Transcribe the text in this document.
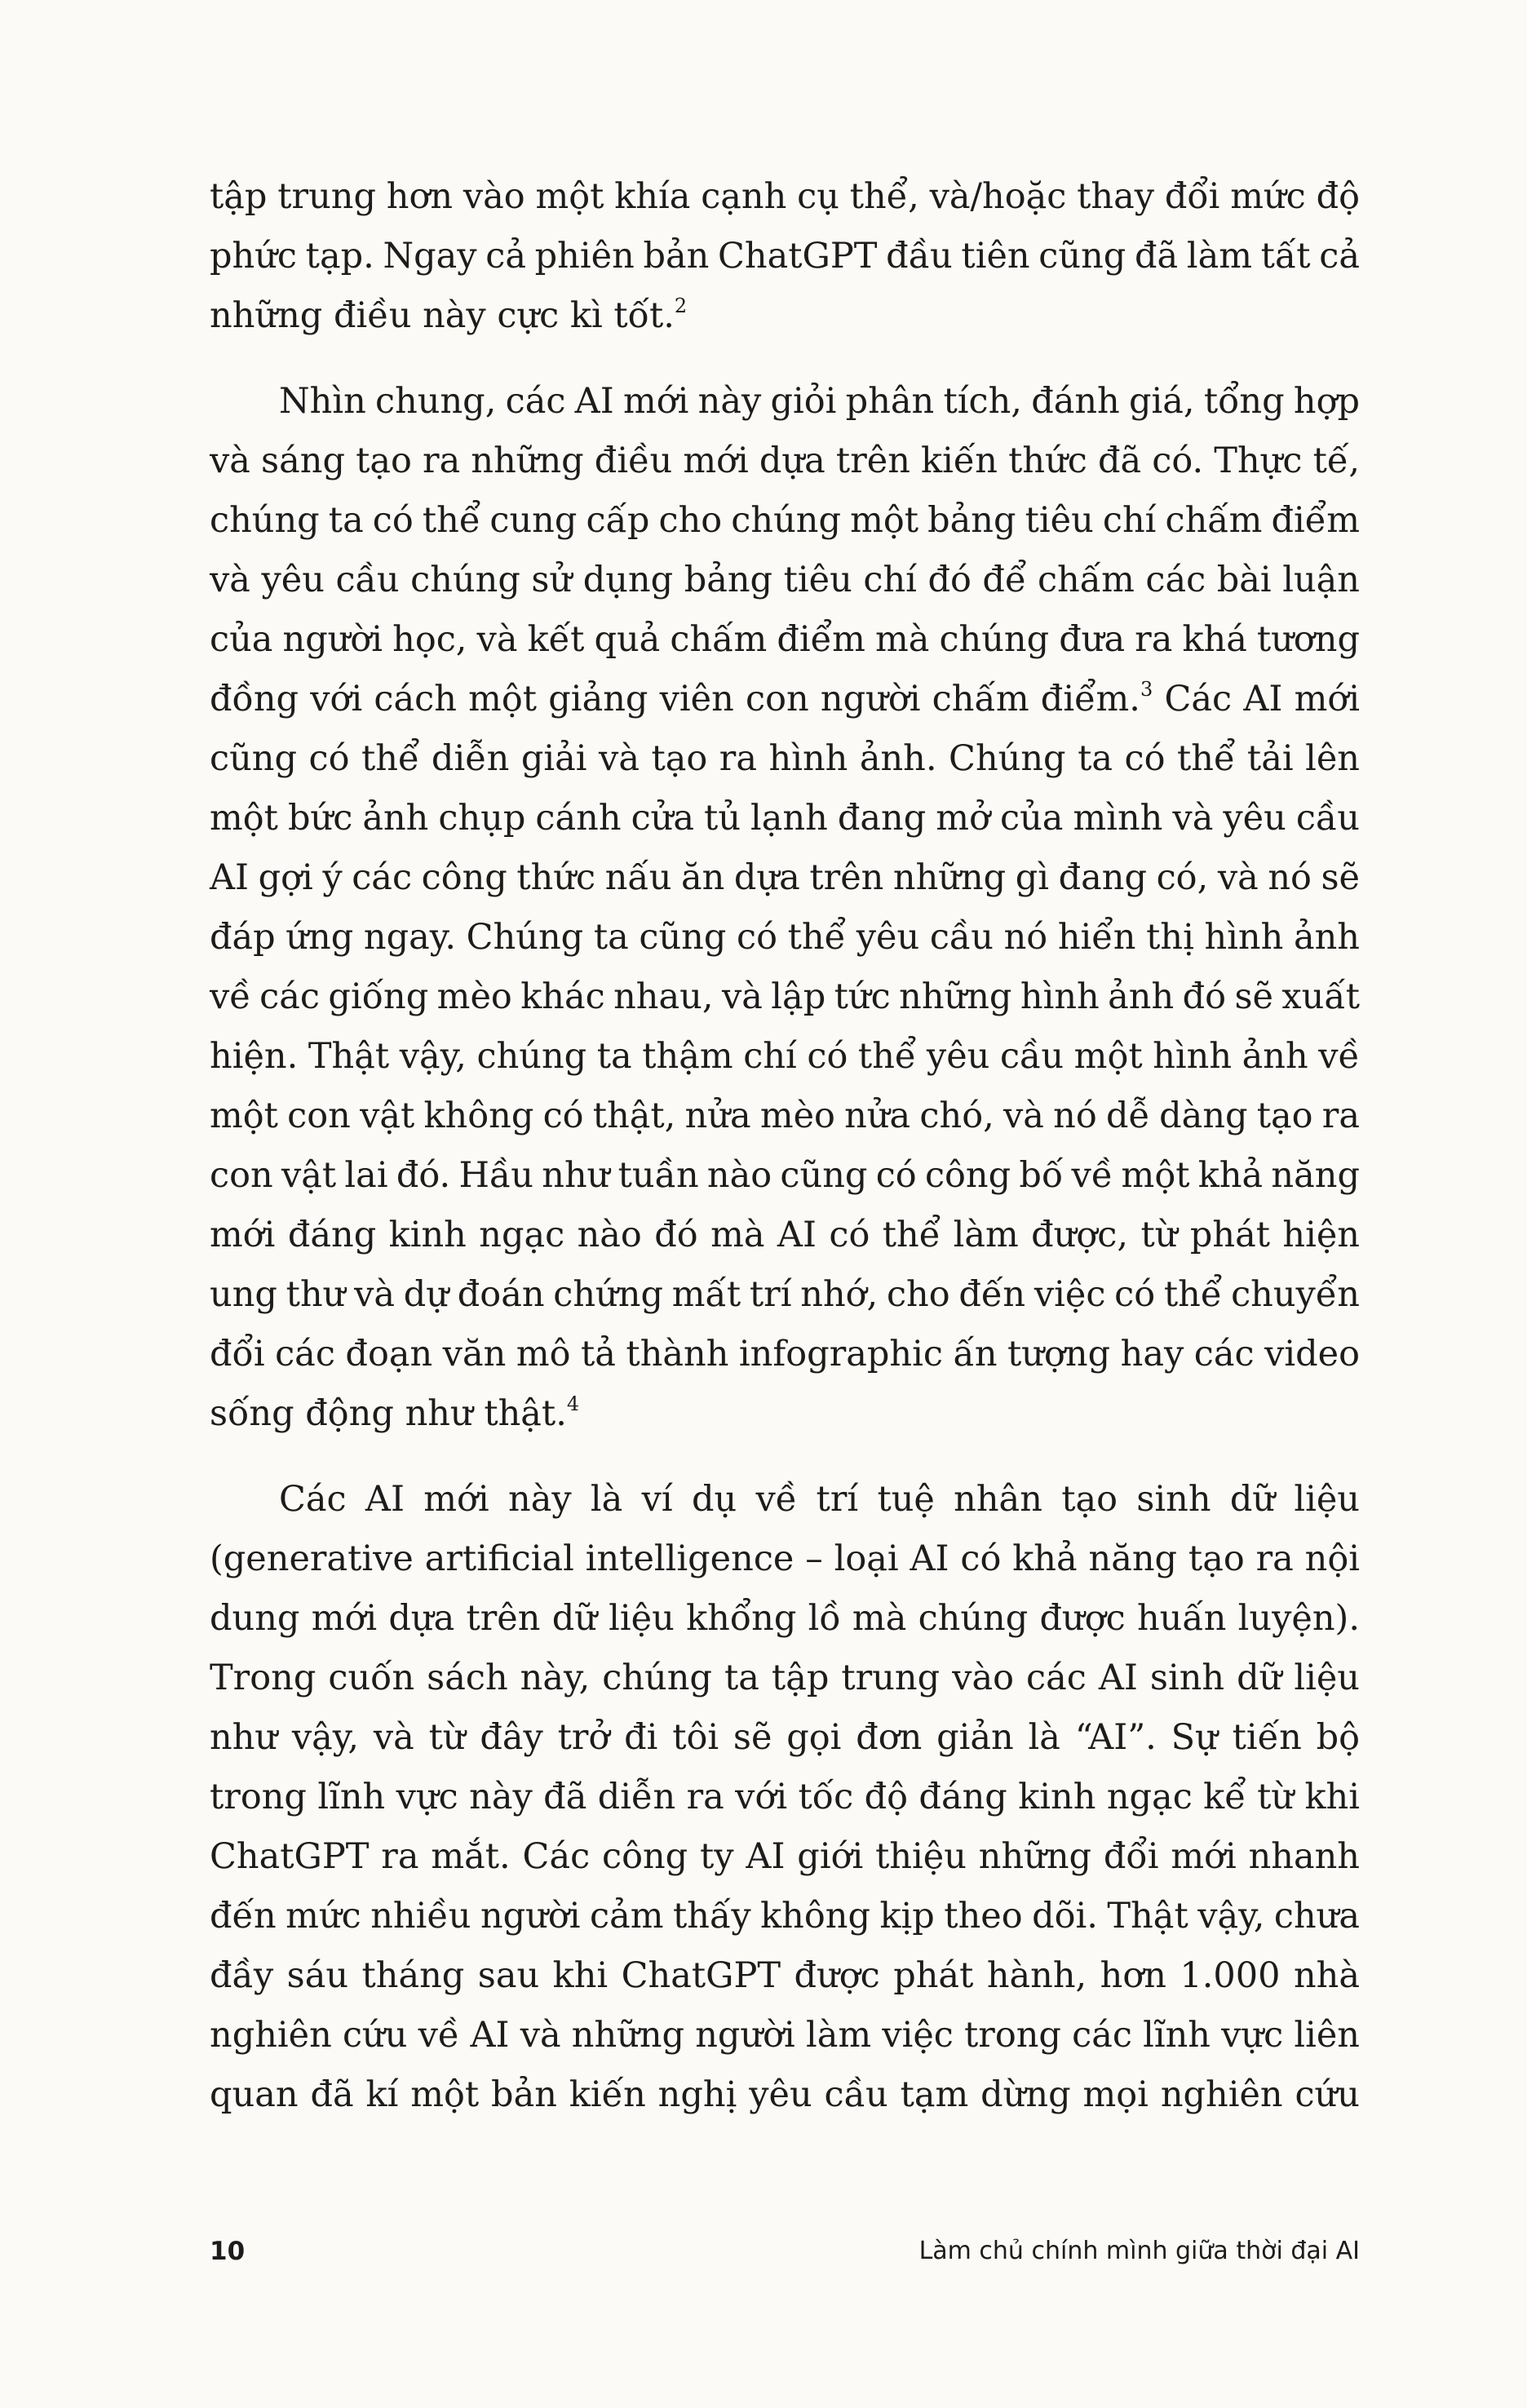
tập trung hơn vào một khía cạnh cụ thể, và/hoặc thay đổi mức độ
phức tạp. Ngay cả phiên bản ChatGPT đầu tiên cũng đã làm tất cả
những điều này cực kì tốt.$^2$
Nhìn chung, các AI mới này giỏi phân tích, đánh giá, tổng hợp
và sáng tạo ra những điều mới dựa trên kiến thức đã có. Thực tế,
chúng ta có thể cung cấp cho chúng một bảng tiêu chí chấm điểm
và yêu cầu chúng sử dụng bảng tiêu chí đó để chấm các bài luận
của người học, và kết quả chấm điểm mà chúng đưa ra khá tương
đồng với cách một giảng viên con người chấm điểm.$^3$ Các AI mới
cũng có thể diễn giải và tạo ra hình ảnh. Chúng ta có thể tải lên
một bức ảnh chụp cánh cửa tủ lạnh đang mở của mình và yêu cầu
AI gợi ý các công thức nấu ăn dựa trên những gì đang có, và nó sẽ
đáp ứng ngay. Chúng ta cũng có thể yêu cầu nó hiển thị hình ảnh
về các giống mèo khác nhau, và lập tức những hình ảnh đó sẽ xuất
hiện. Thật vậy, chúng ta thậm chí có thể yêu cầu một hình ảnh về
một con vật không có thật, nửa mèo nửa chó, và nó dễ dàng tạo ra
con vật lai đó. Hầu như tuần nào cũng có công bố về một khả năng
mới đáng kinh ngạc nào đó mà AI có thể làm được, từ phát hiện
ung thư và dự đoán chứng mất trí nhớ, cho đến việc có thể chuyển
đổi các đoạn văn mô tả thành infographic ấn tượng hay các video
sống động như thật.$^4$
Các AI mới này là ví dụ về trí tuệ nhân tạo sinh dữ liệu
(generative artificial intelligence – loại AI có khả năng tạo ra nội
dung mới dựa trên dữ liệu khổng lồ mà chúng được huấn luyện).
Trong cuốn sách này, chúng ta tập trung vào các AI sinh dữ liệu
như vậy, và từ đây trở đi tôi sẽ gọi đơn giản là “AI”. Sự tiến bộ
trong lĩnh vực này đã diễn ra với tốc độ đáng kinh ngạc kể từ khi
ChatGPT ra mắt. Các công ty AI giới thiệu những đổi mới nhanh
đến mức nhiều người cảm thấy không kịp theo dõi. Thật vậy, chưa
đầy sáu tháng sau khi ChatGPT được phát hành, hơn 1.000 nhà
nghiên cứu về AI và những người làm việc trong các lĩnh vực liên
quan đã kí một bản kiến nghị yêu cầu tạm dừng mọi nghiên cứu
10	Làm chủ chính mình giữa thời đại AI
